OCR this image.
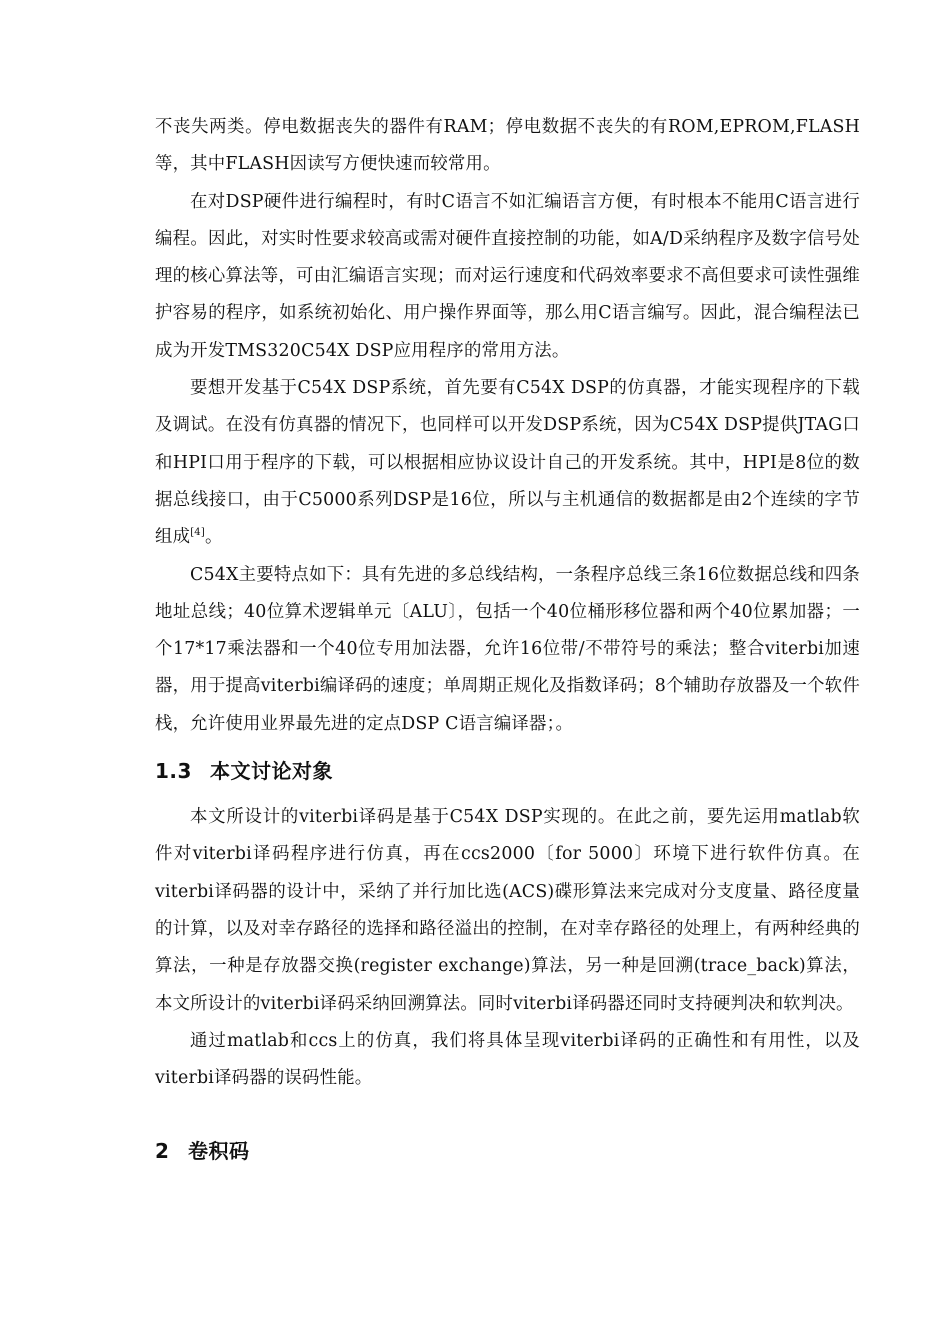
不丧失两类。停电数据丧失的器件有RAM；停电数据不丧失的有ROM,EPROM,FLASH等，其中FLASH因读写方便快速而较常用。

在对DSP硬件进行编程时，有时C语言不如汇编语言方便，有时根本不能用C语言进行编程。因此，对实时性要求较高或需对硬件直接控制的功能，如A/D采纳程序及数字信号处理的核心算法等，可由汇编语言实现；而对运行速度和代码效率要求不高但要求可读性强维护容易的程序，如系统初始化、用户操作界面等，那么用C语言编写。因此，混合编程法已成为开发TMS320C54X DSP应用程序的常用方法。

要想开发基于C54X DSP系统，首先要有C54X DSP的仿真器，才能实现程序的下载及调试。在没有仿真器的情况下，也同样可以开发DSP系统，因为C54X DSP提供JTAG口和HPI口用于程序的下载，可以根据相应协议设计自己的开发系统。其中，HPI是8位的数据总线接口，由于C5000系列DSP是16位，所以与主机通信的数据都是由2个连续的字节组成[4]。

C54X主要特点如下：具有先进的多总线结构，一条程序总线三条16位数据总线和四条地址总线；40位算术逻辑单元〔ALU〕，包括一个40位桶形移位器和两个40位累加器；一个17*17乘法器和一个40位专用加法器，允许16位带/不带符号的乘法；整合viterbi加速器，用于提高viterbi编译码的速度；单周期正规化及指数译码；8个辅助存放器及一个软件栈，允许使用业界最先进的定点DSP C语言编译器；。

1.3 本文讨论对象

本文所设计的viterbi译码是基于C54X DSP实现的。在此之前，要先运用matlab软件对viterbi译码程序进行仿真，再在ccs2000〔for 5000〕环境下进行软件仿真。在viterbi译码器的设计中，采纳了并行加比选(ACS)碟形算法来完成对分支度量、路径度量的计算，以及对幸存路径的选择和路径溢出的控制，在对幸存路径的处理上，有两种经典的算法，一种是存放器交换(register exchange)算法，另一种是回溯(trace_back)算法，本文所设计的viterbi译码采纳回溯算法。同时viterbi译码器还同时支持硬判决和软判决。

通过matlab和ccs上的仿真，我们将具体呈现viterbi译码的正确性和有用性，以及viterbi译码器的误码性能。

2 卷积码
